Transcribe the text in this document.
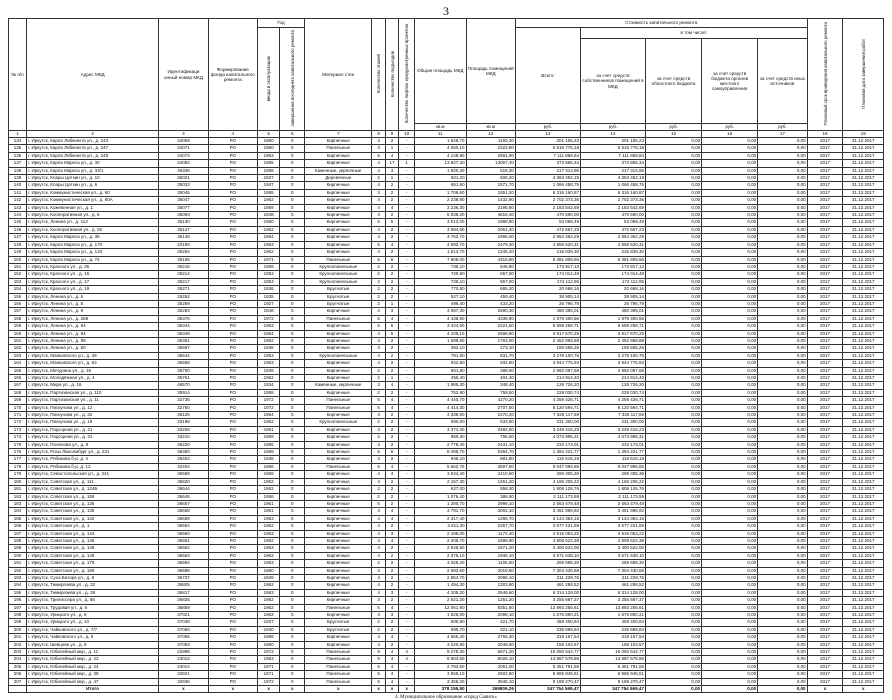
3
№ п/п	Адрес МКД	Идентификаци онный номер МКД	Формирование фонда капитального ремонта	Год		Материал стен	Количество этажей	Количество подъездов	Количество лифтов, предусмотренных проектом	Общая площадь МКД	Площадь помещений МКД	Стоимость капитального ремонта					Плановый срок проведения капитального ремонта	Плановая дата завершения работ
				ввода в эксплуатацию	завершения последнего капитального ремонта							Всего:	в том числе:					
													за счет средств собственников помещений в МКД	за счет средств областного бюджета	за счет средств бюджета органов местного самоуправления	за счет средств иных источников		
										кв.м	кв.м	руб.	руб.	руб.	руб.	руб.		
1	2	3	4	5	6	7	8	9	10	11	12	13	14	15	16	17	18	19
134	г. Иркутск, Карла Либкнехта ул., д. 243	34069	РО	1960	0	Кирпичные	3	2	-	1 646,70	1193,30	201 155,23	201 155,23	0,00	0,00	0,00	2017	31.12.2017
135	г. Иркутск, Карла Либкнехта ул., д. 247	34071	РО	1960	0	Панельные	3	1	-	4 050,10	2322,80	5 516 776,18	5 516 776,18	0,00	0,00	0,00	2017	31.12.2017
136	г. Иркутск, Карла Либкнехта ул., д. 249	34072	РО	1963	0	Кирпичные	5	4	-	4 148,80	2591,90	7 111 868,84	7 111 868,84	0,00	0,00	0,00	2017	31.12.2017
137	г. Иркутск, Карла Маркса ул., д. 30	34082	РО	1955	0	Кирпичные	4	17	1	13 827,30	13067,40	373 865,34	373 865,34	0,00	0,00	0,00	2017	31.12.2017
138	г. Иркутск, Карла Маркса ул., д. 33/1	46336	РО	1958	0	Каменные, кирпичные	4	3	-	1 920,30	518,30	217 314,95	217 314,95	0,00	0,00	0,00	2017	31.12.2017
139	г. Иркутск, Клары Цеткин ул., д. 10	35021	РО	1937	0	Деревянные	2	1	-	501,20	505,20	4 363 452,19	4 363 452,19	0,00	0,00	0,00	2017	31.12.2017
140	г. Иркутск, Клары Цеткин ул., д. 6	35033	РО	1947	0	Кирпичные	4	2	-	651,60	1571,70	1 066 458,75	1 066 458,75	0,00	0,00	0,00	2017	31.12.2017
141	г. Иркутск, Коммунистическая ул., д. 60	35046	РО	1955	0	Кирпичные	3	2	-	1 706,60	1551,20	6 316 160,87	6 316 160,87	0,00	0,00	0,00	2017	31.12.2017
142	г. Иркутск, Коммунистическая ул., д. 60А	35047	РО	1962	0	Кирпичные	4	2	-	2 238,90	1432,90	2 702 373,36	2 702 373,36	0,00	0,00	0,00	2017	31.12.2017
143	г. Иркутск, Кожевенная ул., д. 1	35077	РО	1959	0	Кирпичные	4	4	-	3 236,30	2195,80	2 183 542,69	2 183 542,69	0,00	0,00	0,00	2017	31.12.2017
144	г. Иркутск, Кооперативная ул., д. 6	35093	РО	1948	0	Кирпичные	4	2	-	5 038,20	4615,40	470 690,00	470 690,00	0,00	0,00	0,00	2017	31.12.2017
145	г. Иркутск, Ленина ул., д. 113	35130	РО	1960	0	Кирпичные	5	5	-	3 013,00	1888,80	53 069,49	53 069,49	0,00	0,00	0,00	2017	31.12.2017
146	г. Иркутск, Кооперативная ул., д. 26	35147	РО	1962	0	Кирпичные	4	2	-	3 584,60	2061,40	472 667,23	472 667,23	0,00	0,00	0,00	2017	31.12.2017
147	г. Иркутск, Карла Маркса ул., д. 36	35149	РО	1964	0	Кирпичные	4	2	-	3 762,70	1996,00	2 954 362,29	2 954 362,29	0,00	0,00	0,00	2017	31.12.2017
148	г. Иркутск, Карла Маркса ул., д. 170	23190	РО	1963	0	Кирпичные	5	4	-	4 092,70	2479,30	4 859 520,31	4 859 520,31	0,00	0,00	0,00	2017	31.12.2017
149	г. Иркутск, Карла Маркса ул., д. 133	35294	РО	1962	0	Кирпичные	4	2	-	1 514,70	1345,20	216 839,30	216 839,30	0,00	0,00	0,00	2017	31.12.2017
150	г. Иркутск, Карла Маркса ул., д. 74	35106	РО	1971	0	Панельные	5	6	-	7 608,00	4315,80	6 381 808,56	6 381 808,56	0,00	0,00	0,00	2017	31.12.2017
151	г. Иркутск, Красного ул., д. 35	35216	РО	1959	0	Крупнопанельные	2	2	-	736,10	645,80	173 917,13	173 917,13	0,00	0,00	0,00	2017	31.12.2017
152	г. Иркутск, Красного ул., д. 16	35214	РО	1953	0	Крупнопанельные	2	2	-	729,60	657,00	174 014,48	174 014,48	0,00	0,00	0,00	2017	31.12.2017
153	г. Иркутск, Красного ул., д. 17	35217	РО	1953	0	Крупнопанельные	2	2	-	728,10	657,00	174 112,95	174 112,95	0,00	0,00	0,00	2017	31.12.2017
154	г. Иркутск, Красного ул., д. 19	35271	РО	1936	0	Брусчатые	2	2	-	770,50	665,20	20 668,16	20 668,16	0,00	0,00	0,00	2017	31.12.2017
155	г. Иркутск, Ленина ул., д. 6	26262	РО	1935	0	Брусчатые	2	2	-	527,10	459,40	38 905,14	38 905,14	0,00	0,00	0,00	2017	31.12.2017
156	г. Иркутск, Ленина ул., д. 8	35269	РО	1927	0	Брусчатые	2	1	-	498,40	433,20	26 796,79	26 796,79	0,00	0,00	0,00	2017	31.12.2017
157	г. Иркутск, Ленина ул., д. 9	35283	РО	1946	0	Кирпичные	4	3	-	3 087,30	2590,30	480 395,01	480 395,01	0,00	0,00	0,00	2017	31.12.2017
158	г. Иркутск, Ленина ул., д. 269	35376	РО	1972	0	Панельные	5	4	-	4 436,50	4336,90	1 979 400,56	1 979 400,56	0,00	0,00	0,00	2017	31.12.2017
159	г. Иркутск, Ленина ул., д. 84	35344	РО	1963	0	Кирпичные	5	6	-	3 444,60	2221,50	6 598 258,71	6 598 258,71	0,00	0,00	0,00	2017	31.12.2017
160	г. Иркутск, Ленина ул., д. 94	35349	РО	1964	0	Кирпичные	4	5	-	4 109,10	2599,90	3 917 670,25	3 917 670,25	0,00	0,00	0,00	2017	31.12.2017
161	г. Иркутск, Ленина ул., д. 98	35351	РО	1962	0	Кирпичные	4	2	-	1 089,60	1763,00	2 452 958,88	2 452 958,88	0,00	0,00	0,00	2017	31.12.2017
162	г. Иркутск, Ленина ул., д. 50	35697	РО	1946	0	Кирпичные	3	2	-	392,10	273,10	159 555,26	159 555,26	0,00	0,00	0,00	2017	31.12.2017
163	г. Иркутск, Маяковского ул., д. 49	35644	РО	1953	0	Крупнопанельные	4	2	-	781,80	631,70	3 278 100,76	3 278 100,76	0,00	0,00	0,00	2017	31.12.2017
164	г. Иркутск, Маяковского ул., д. 63	35658	РО	1963	0	Кирпичные	4	2	-	922,80	932,80	3 944 775,93	3 944 775,93	0,00	0,00	0,00	2017	31.12.2017
165	г. Иркутск, Мичурина ул., д. 18	35700	РО	1949	0	Кирпичные	2	2	-	551,80	388,50	2 992 097,68	2 992 097,68	0,00	0,00	0,00	2017	31.12.2017
166	г. Иркутск, Молодёжная ул., д. 4	35761	РО	1962	0	Кирпичные	2	1	-	456,40	404,40	214 914,40	214 914,40	0,00	0,00	0,00	2017	31.12.2017
167	г. Иркутск, Мира ул., д. 18	46570	РО	1934	0	Каменные, кирпичные	3	4	-	1 985,30	348,40	128 726,20	128 726,20	0,00	0,00	0,00	2017	31.12.2017
168	г. Иркутск, Партизанская ул., д. 110	35914	РО	1958	0	Кирпичные	2	2	-	752,90	758,50	228 030,74	228 030,74	0,00	0,00	0,00	2017	31.12.2017
169	г. Иркутск, Партизанская ул., д. 11	32736	РО	1972	0	Панельные	5	4	-	4 440,70	4270,20	4 259 426,71	4 259 426,71	0,00	0,00	0,00	2017	31.12.2017
170	г. Иркутск, Пискунова ул., д. 12	32760	РО	1972	0	Панельные	5	4	-	4 414,30	2707,50	6 120 594,71	6 120 594,71	0,00	0,00	0,00	2017	31.12.2017
171	г. Иркутск, Пискунова ул., д. 32	36125	РО	1964	0	Кирпичные	4	2	-	3 338,60	2270,20	7 326 117,69	7 326 117,69	0,00	0,00	0,00	2017	31.12.2017
172	г. Иркутск, Пискунова ул., д. 18	33198	РО	1952	0	Крупнопанельные	2	2	-	586,00	533,60	231 300,00	231 300,00	0,00	0,00	0,00	2017	31.12.2017
173	г. Иркутск, Подгорная ул., д. 21	33206	РО	1961	0	Кирпичные	3	2	-	3 374,30	2482,50	3 249 416,23	3 249 416,23	0,00	0,00	0,00	2017	31.12.2017
174	г. Иркутск, Подгорная ул., д. 31	33210	РО	1959	0	Кирпичные	2	2	-	959,30	796,50	4 073 995,31	4 073 995,31	0,00	0,00	0,00	2017	31.12.2017
175	г. Иркутск, Поленова ул., д. 8	36220	РО	1955	0	Кирпичные	3	2	-	2 778,40	2431,10	233 173,01	233 173,01	0,00	0,00	0,00	2017	31.12.2017
176	г. Иркутск, Розы Люксембург ул., д. 231	36360	РО	1968	0	Кирпичные	5	6	-	8 495,70	5364,70	1 394 221,77	1 394 221,77	0,00	0,00	0,00	2017	31.12.2017
177	г. Иркутск, Рябикова б-р, д. 4	26402	РО	1948	0	Кирпичные	3	2	-	945,10	881,90	119 615,19	119 615,19	0,00	0,00	0,00	2017	31.12.2017
178	г. Иркутск, Рябикова б-р, д. 12	32404	РО	1966	0	Панельные	5	4	-	5 662,75	3597,80	9 047 995,85	9 047 995,85	0,00	0,00	0,00	2017	31.12.2017
179	г. Иркутск, Севастопольская ул., д. 241	36568	РО	1959	0	Кирпичные	4	4	-	3 634,40	2410,60	299 305,36	299 305,36	0,00	0,00	0,00	2017	31.12.2017
180	г. Иркутск, Советская ул., д. 111	36620	РО	1962	0	Кирпичные	4	2	-	2 157,30	1261,20	4 165 205,22	4 165 205,22	0,00	0,00	0,00	2017	31.12.2017
181	г. Иркутск, Советская ул., д. 124Б	36644	РО	1952	0	Кирпичные	2	2	-	627,00	558,30	1 808 126,76	1 808 126,76	0,00	0,00	0,00	2017	31.12.2017
182	г. Иркутск, Советская ул., д. 158	36645	РО	1956	0	Кирпичные	2	2	-	1 076,40	386,90	2 111 173,59	2 111 173,59	0,00	0,00	0,00	2017	31.12.2017
183	г. Иркутск, Советская ул., д. 135	36657	РО	1961	0	Кирпичные	5	2	-	1 280,70	2996,10	2 563 479,48	2 563 479,48	0,00	0,00	0,00	2017	31.12.2017
184	г. Иркутск, Советская ул., д. 136	36658	РО	1961	0	Кирпичные	4	4	-	3 791,70	3002,10	3 451 996,92	3 451 996,92	0,00	0,00	0,00	2017	31.12.2017
185	г. Иркутск, Советская ул., д. 142	36659	РО	1963	0	Кирпичные	4	4	-	2 317,40	1285,70	3 144 364,15	3 144 364,15	0,00	0,00	0,00	2017	31.12.2017
186	г. Иркутск, Советская ул., д. 1	36654	РО	1962	0	Кирпичные	4	2	-	2 611,30	2267,70	3 677 221,59	3 677 221,59	0,00	0,00	0,00	2017	31.12.2017
187	г. Иркутск, Советская ул., д. 144	36660	РО	1963	0	Кирпичные	4	3	-	2 188,00	1172,40	4 516 053,22	4 516 053,22	0,00	0,00	0,00	2017	31.12.2017
188	г. Иркутск, Советская ул., д. 145	36661	РО	1962	0	Кирпичные	4	4	-	2 205,70	1588,90	4 808 622,38	4 808 622,38	0,00	0,00	0,00	2017	31.12.2017
189	г. Иркутск, Советская ул., д. 146	36662	РО	1963	0	Кирпичные	4	2	-	2 546,50	1971,20	3 400 522,00	3 400 522,00	0,00	0,00	0,00	2017	31.12.2017
190	г. Иркутск, Советская ул., д. 149	36663	РО	1962	0	Кирпичные	4	2	-	2 376,10	1946,10	3 571 638,10	3 571 638,10	0,00	0,00	0,00	2017	31.12.2017
191	г. Иркутск, Советская ул., д. 178	36694	РО	1953	0	Кирпичные	2	2	-	3 329,20	1105,50	269 698,30	269 698,30	0,00	0,00	0,00	2017	31.12.2017
192	г. Иркутск, Советская ул., д. 180	36695	РО	1960	0	Кирпичные	3	2	-	2 693,60	2019,50	7 304 430,68	7 304 430,68	0,00	0,00	0,00	2017	31.12.2017
193	г. Иркутск, Сухэ-Батора ул., д. 8	36737	РО	1949	0	Кирпичные	4	2	-	2 864,70	2096,10	211 229,76	211 229,76	0,00	0,00	0,00	2017	31.12.2017
194	г. Иркутск, Тимирязева ул., д. 32	36805	РО	1962	0	Кирпичные	4	2	-	1 494,30	1303,80	461 288,52	461 288,52	0,00	0,00	0,00	2017	31.12.2017
195	г. Иркутск, Тимирязева ул., д. 38	36817	РО	1963	0	Кирпичные	4	3	-	4 105,20	2546,60	6 314 128,00	6 314 128,00	0,00	0,00	0,00	2017	31.12.2017
196	г. Иркутск, Трилиссера ул., д. 56	36835	РО	1962	0	Кирпичные	3	2	-	2 521,20	1251,20	3 255 687,37	3 255 687,37	0,00	0,00	0,00	2017	31.12.2017
197	г. Иркутск, Трудовая ул., д. 6	36859	РО	1962	0	Панельные	5	4	-	12 061,90	8351,60	13 893 256,61	13 893 256,61	0,00	0,00	0,00	2017	31.12.2017
198	г. Иркутск, Урицкого ул., д. 6	37021	РО	1962	0	Кирпичные	4	3	-	1 626,00	2098,10	1 676 890,21	1 676 890,21	0,00	0,00	0,00	2017	31.12.2017
199	г. Иркутск, Урицкого ул., д. 10	37039	РО	1937	0	Брусчатые	2	2	-	508,80	421,70	458 400,84	458 400,84	0,00	0,00	0,00	2017	31.12.2017
200	г. Иркутск, Чайковского ул., д. 7/7	37060	РО	1940	0	Брусчатые	2	2	-	585,70	321,10	235 689,84	235 689,84	0,00	0,00	0,00	2017	31.12.2017
201	г. Иркутск, Чайковского ул., д. 5	37065	РО	1968	0	Кирпичные	4	4	-	4 665,40	2765,30	319 167,54	319 167,54	0,00	0,00	0,00	2017	31.12.2017
202	г. Иркутск, Шевцова ул., д. 9	37093	РО	1960	0	Кирпичные	4	2	-	3 220,80	2048,60	158 103,57	158 103,57	0,00	0,00	0,00	2017	31.12.2017
203	г. Иркутск, Юбилейный мкр., д. 11	22998	РО	1972	0	Панельные	9	4	4	9 278,30	6671,20	15 050 544,77	15 050 544,77	0,00	0,00	0,00	2017	31.12.2017
204	г. Иркутск, Юбилейный мкр., д. 22	23012	РО	1983	0	Панельные	9	4	4	8 904,60	8028,10	13 887 578,86	13 887 578,86	0,00	0,00	0,00	2017	31.12.2017
205	г. Иркутск, Юбилейный мкр., д. 24	23014	РО	1971	0	Панельные	5	4	-	2 793,50	2051,00	5 351 791,55	5 351 791,55	0,00	0,00	0,00	2017	31.12.2017
206	г. Иркутск, Юбилейный мкр., д. 39	32921	РО	1971	0	Панельные	5	4	-	3 559,10	2602,50	6 965 945,51	6 965 945,51	0,00	0,00	0,00	2017	31.12.2017
207	г. Иркутск, Юбилейный мкр., д. 47	32936	РО	1972	0	Панельные	5	4	-	3 356,20	3945,10	9 189 270,47	9 189 270,47	0,00	0,00	0,00	2017	31.12.2017
	Итого	х	х	х	х	х	х	х	х	378 155,80	269809,26	347 754 569,47	347 754 569,47	0,00	0,00	0,00	х	х
4. Муниципальное образование «город Саянск»
